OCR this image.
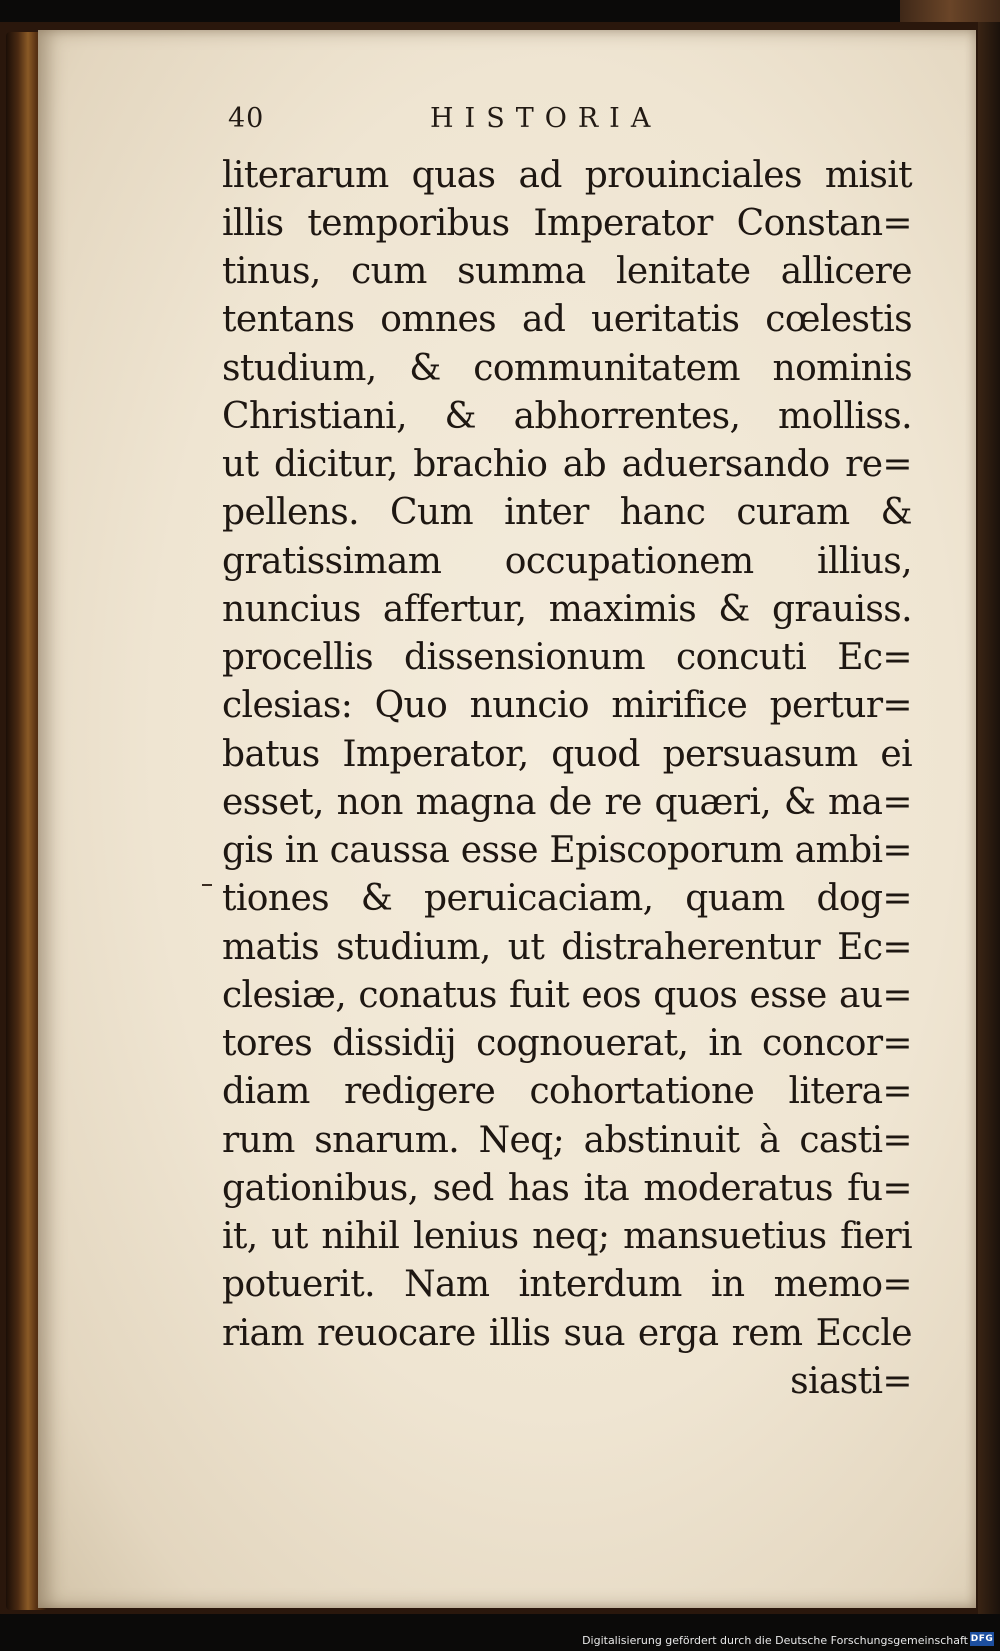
40	HISTORIA
literarum quas ad prouinciales misit
illis temporibus Imperator Constan=
tinus, cum summa lenitate allicere
tentans omnes ad ueritatis cœlestis
studium, & communitatem nominis
Christiani, & abhorrentes, molliss.
ut dicitur, brachio ab aduersando re=
pellens. Cum inter hanc curam &
gratissimam occupationem illius,
nuncius affertur, maximis & grauiss.
procellis dissensionum concuti Ec=
clesias: Quo nuncio mirifice pertur=
batus Imperator, quod persuasum ei
esset, non magna de re quæri, & ma=
gis in caussa esse Episcoporum ambi=
tiones & peruicaciam, quam dog=
matis studium, ut distraherentur Ec=
clesiæ, conatus fuit eos quos esse au=
tores dissidij cognouerat, in concor=
diam redigere cohortatione litera=
rum snarum. Neq; abstinuit à casti=
gationibus, sed has ita moderatus fu=
it, ut nihil lenius neq; mansuetius fieri
potuerit. Nam interdum in memo=
riam reuocare illis sua erga rem Eccle
siasti=
Digitalisierung gefördert durch die Deutsche Forschungsgemeinschaft DFG
